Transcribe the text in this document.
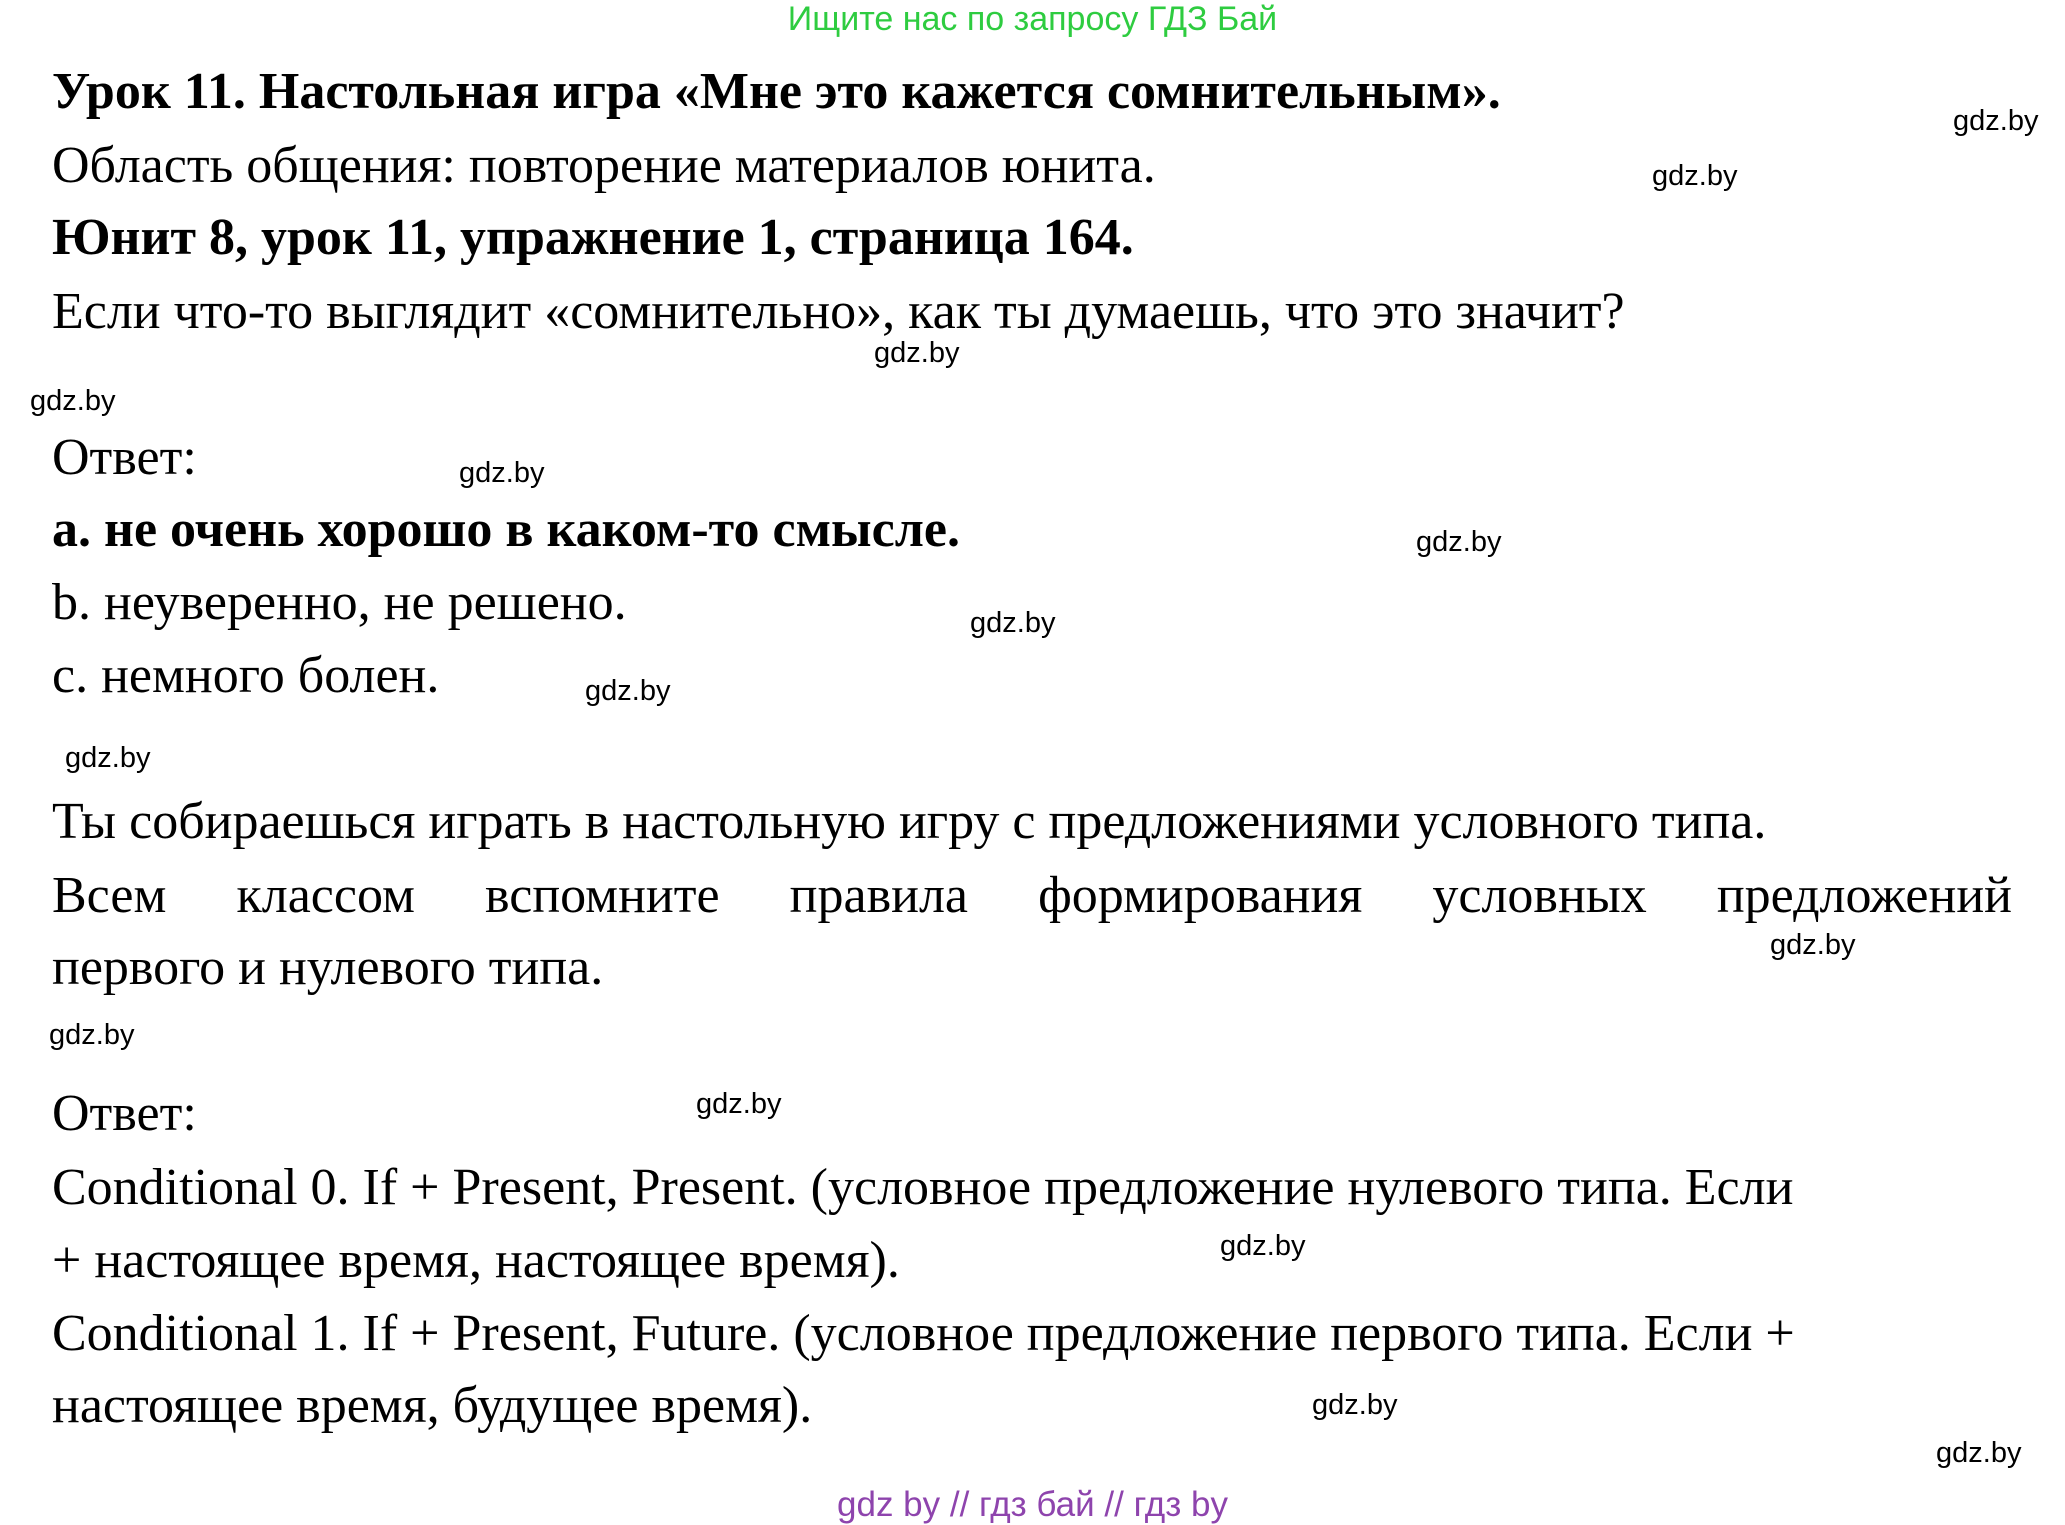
Ищите нас по запросу ГДЗ Бай
Урок 11. Настольная игра «Мне это кажется сомнительным».
Область общения: повторение материалов юнита.
Юнит 8, урок 11, упражнение 1, страница 164.
Если что-то выглядит «сомнительно», как ты думаешь, что это значит?
Ответ:
a. не очень хорошо в каком-то смысле.
b. неуверенно, не решено.
c. немного болен.
Ты собираешься играть в настольную игру с предложениями условного типа.
Всем классом вспомните правила формирования условных предложений
первого и нулевого типа.
Ответ:
Conditional 0. If + Present, Present. (условное предложение нулевого типа. Если
+ настоящее время, настоящее время).
Conditional 1. If + Present, Future. (условное предложение первого типа. Если +
настоящее время, будущее время).
gdz.by
gdz.by
gdz.by
gdz.by
gdz.by
gdz.by
gdz.by
gdz.by
gdz.by
gdz.by
gdz.by
gdz.by
gdz.by
gdz.by
gdz.by
gdz by // гдз бай // гдз by
